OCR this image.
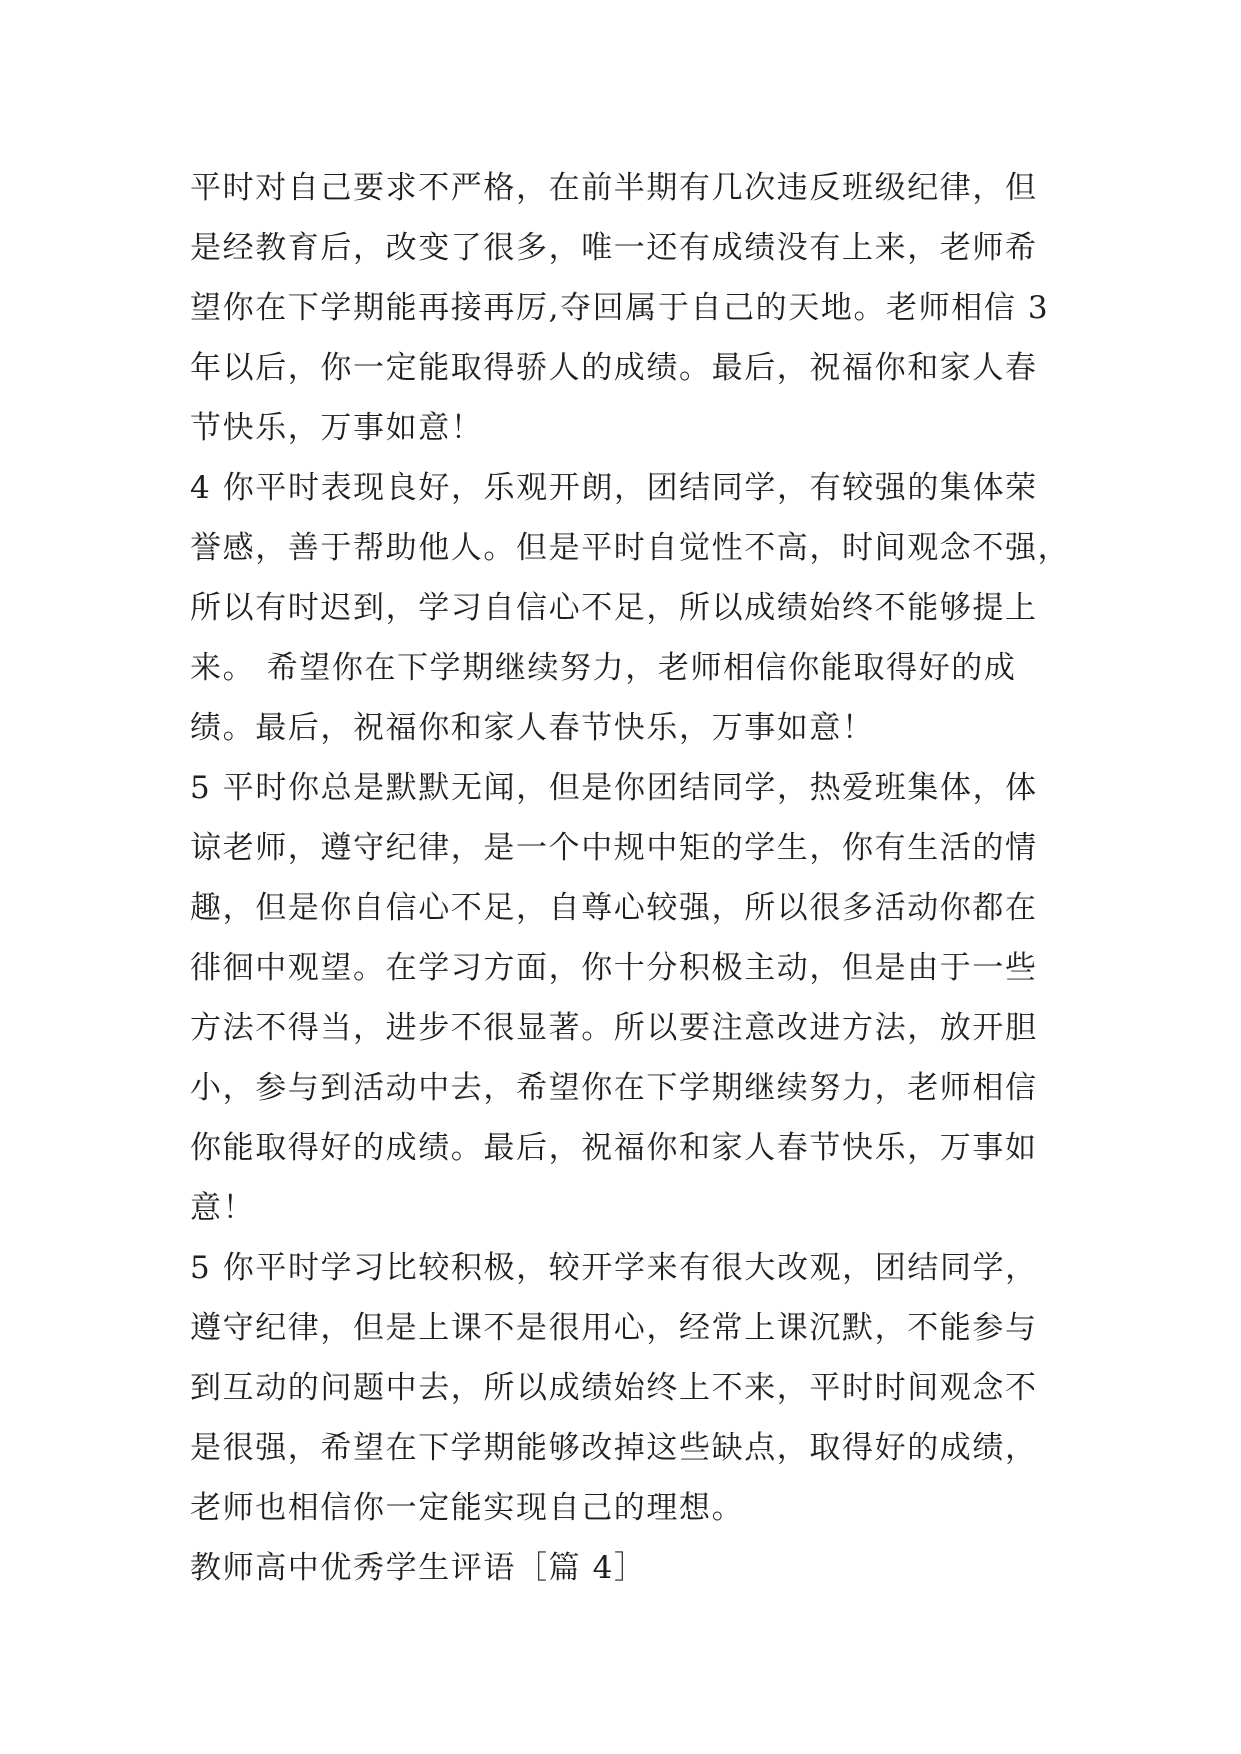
平时对自己要求不严格，在前半期有几次违反班级纪律，但
是经教育后，改变了很多，唯一还有成绩没有上来，老师希
望你在下学期能再接再厉,夺回属于自己的天地。老师相信 3
年以后，你一定能取得骄人的成绩。最后，祝福你和家人春
节快乐，万事如意！
4 你平时表现良好，乐观开朗，团结同学，有较强的集体荣
誉感，善于帮助他人。但是平时自觉性不高，时间观念不强，
所以有时迟到，学习自信心不足，所以成绩始终不能够提上
来。 希望你在下学期继续努力，老师相信你能取得好的成
绩。最后，祝福你和家人春节快乐，万事如意！
5 平时你总是默默无闻，但是你团结同学，热爱班集体，体
谅老师，遵守纪律，是一个中规中矩的学生，你有生活的情
趣，但是你自信心不足，自尊心较强，所以很多活动你都在
徘徊中观望。在学习方面，你十分积极主动，但是由于一些
方法不得当，进步不很显著。所以要注意改进方法，放开胆
小，参与到活动中去，希望你在下学期继续努力，老师相信
你能取得好的成绩。最后，祝福你和家人春节快乐，万事如
意！
5 你平时学习比较积极，较开学来有很大改观，团结同学，
遵守纪律，但是上课不是很用心，经常上课沉默，不能参与
到互动的问题中去，所以成绩始终上不来，平时时间观念不
是很强，希望在下学期能够改掉这些缺点，取得好的成绩，
老师也相信你一定能实现自己的理想。
教师高中优秀学生评语［篇 4］
